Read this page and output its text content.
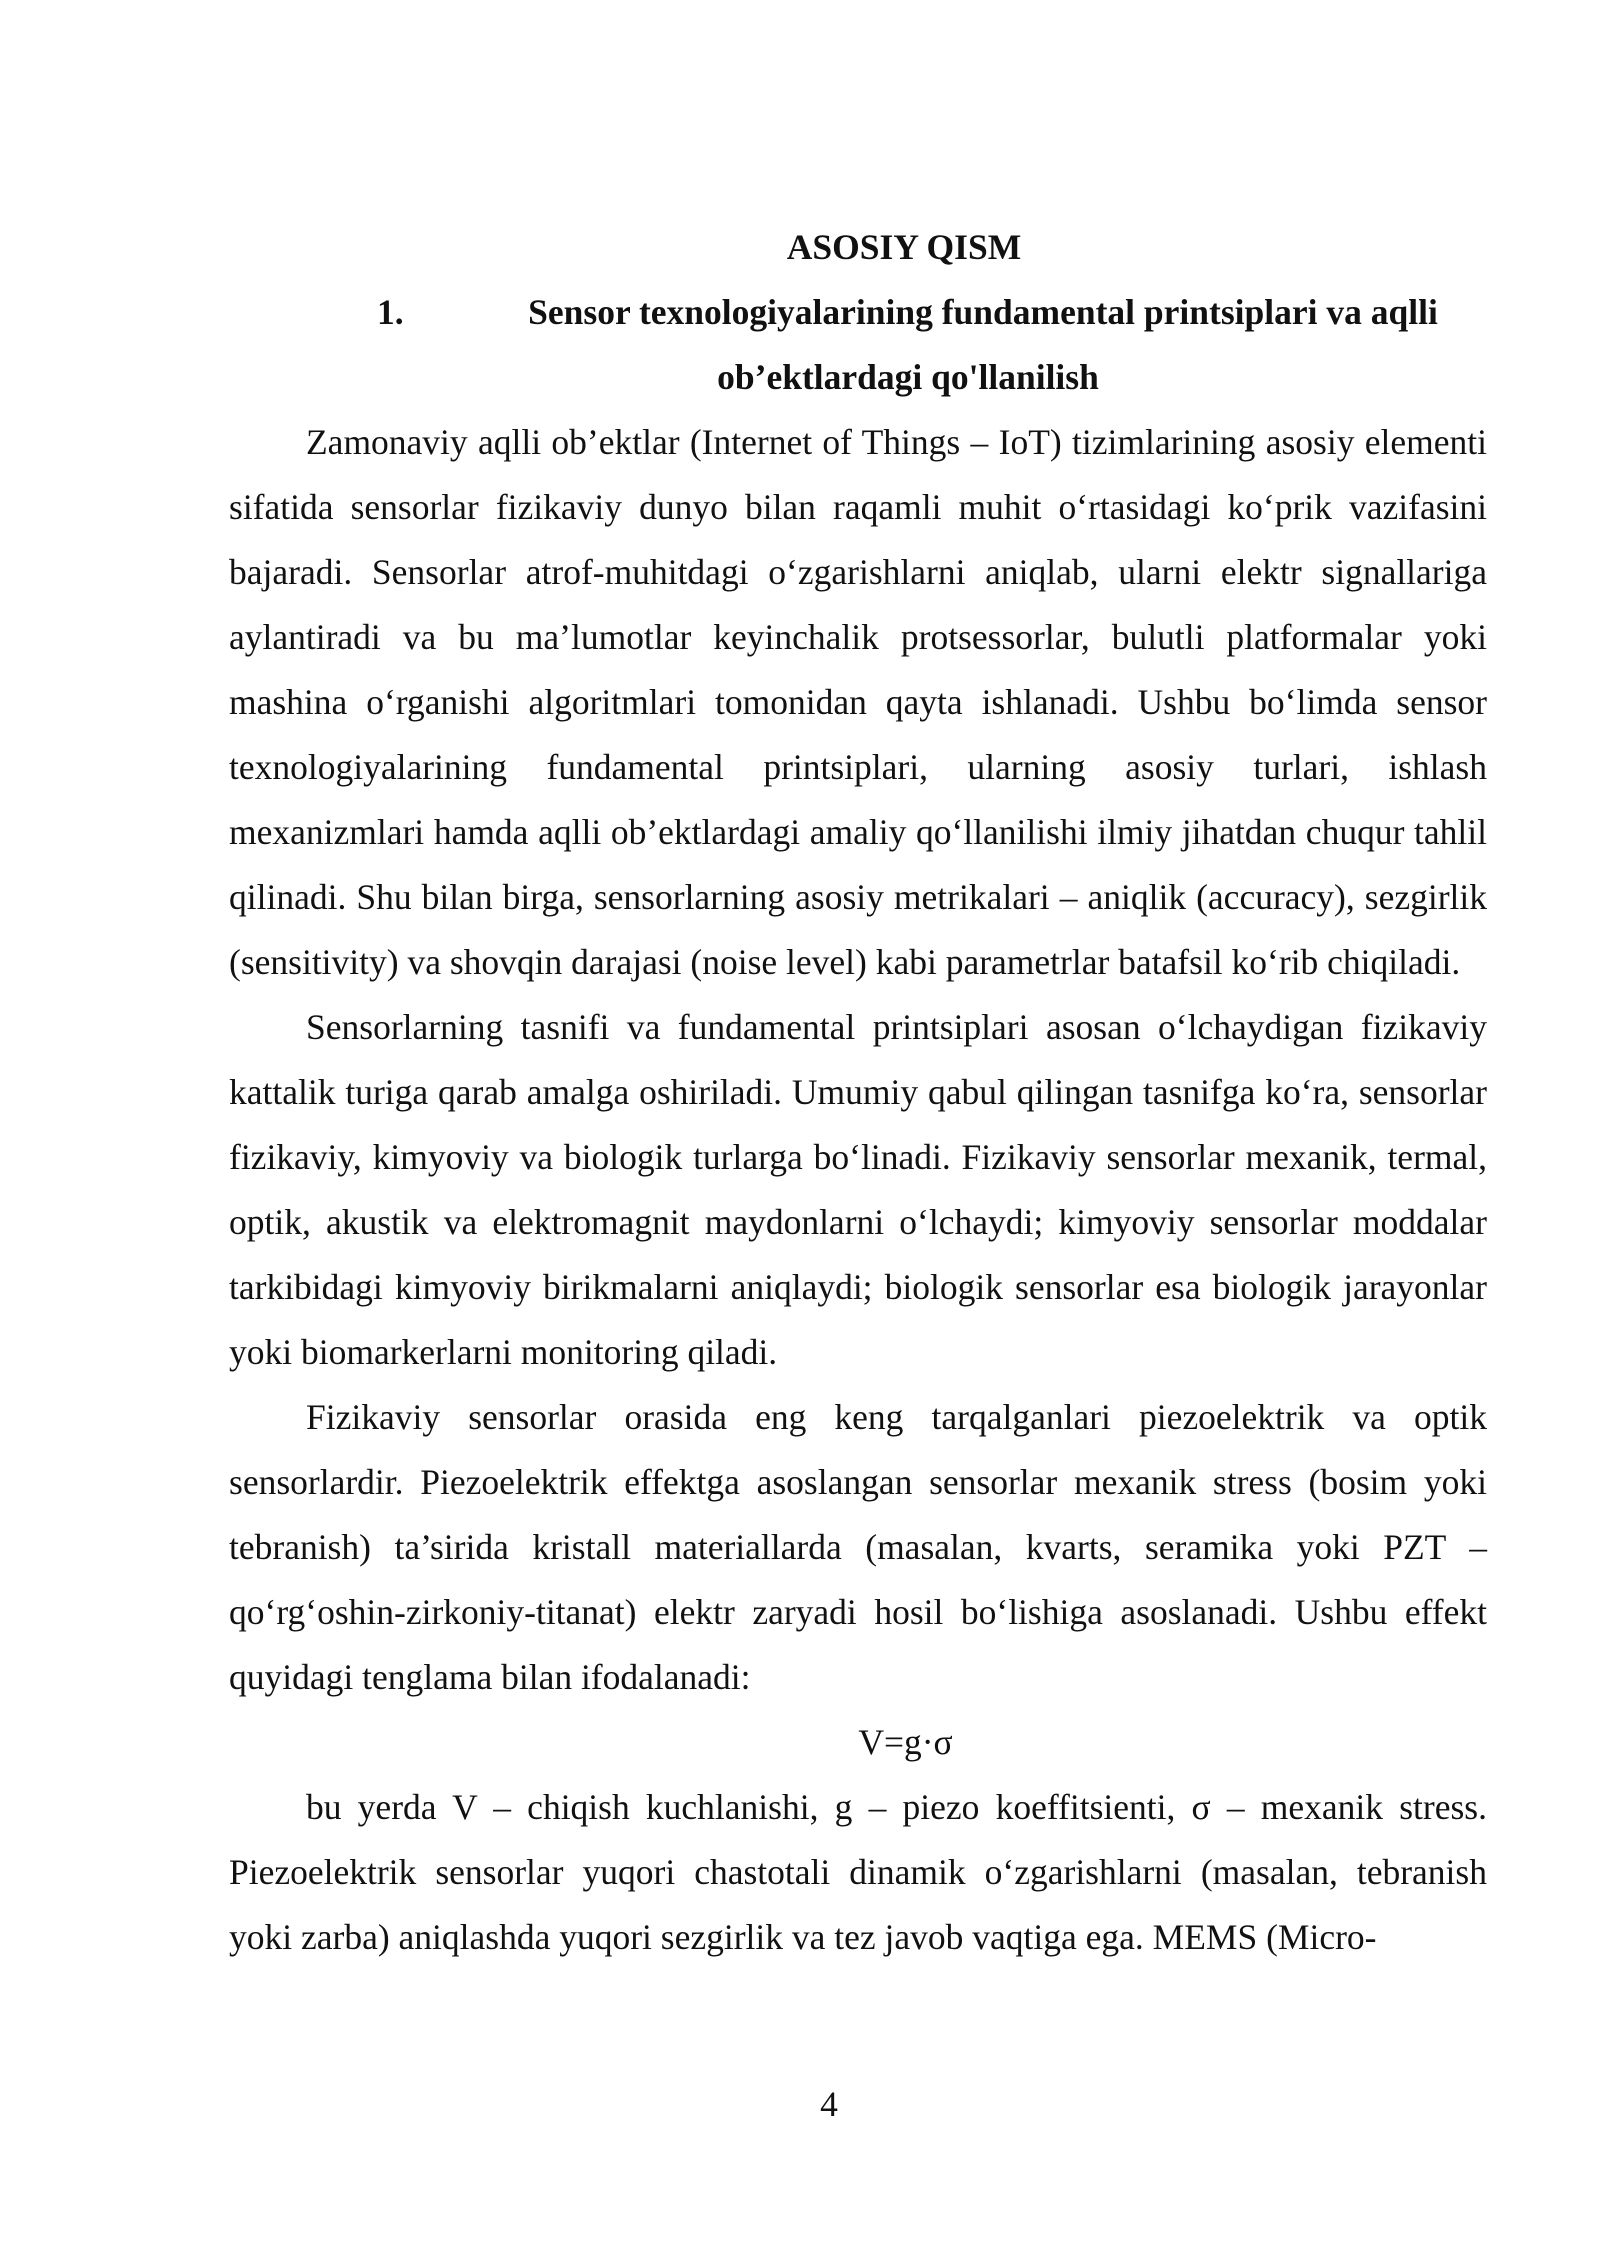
ASOSIY QISM
1.	Sensor texnologiyalarining fundamental printsiplari va aqlli
ob’ektlardagi qo'llanilish

Zamonaviy aqlli ob’ektlar (Internet of Things – IoT) tizimlarining asosiy elementi sifatida sensorlar fizikaviy dunyo bilan raqamli muhit oʻrtasidagi koʻprik vazifasini bajaradi. Sensorlar atrof-muhitdagi oʻzgarishlarni aniqlab, ularni elektr signallariga aylantiradi va bu ma’lumotlar keyinchalik protsessorlar, bulutli platformalar yoki mashina oʻrganishi algoritmlari tomonidan qayta ishlanadi. Ushbu boʻlimda sensor texnologiyalarining fundamental printsiplari, ularning asosiy turlari, ishlash mexanizmlari hamda aqlli ob’ektlardagi amaliy qoʻllanilishi ilmiy jihatdan chuqur tahlil qilinadi. Shu bilan birga, sensorlarning asosiy metrikalari – aniqlik (accuracy), sezgirlik (sensitivity) va shovqin darajasi (noise level) kabi parametrlar batafsil koʻrib chiqiladi.

Sensorlarning tasnifi va fundamental printsiplari asosan oʻlchaydigan fizikaviy kattalik turiga qarab amalga oshiriladi. Umumiy qabul qilingan tasnifga koʻra, sensorlar fizikaviy, kimyoviy va biologik turlarga boʻlinadi. Fizikaviy sensorlar mexanik, termal, optik, akustik va elektromagnit maydonlarni oʻlchaydi; kimyoviy sensorlar moddalar tarkibidagi kimyoviy birikmalarni aniqlaydi; biologik sensorlar esa biologik jarayonlar yoki biomarkerlarni monitoring qiladi.

Fizikaviy sensorlar orasida eng keng tarqalganlari piezoelektrik va optik sensorlardir. Piezoelektrik effektga asoslangan sensorlar mexanik stress (bosim yoki tebranish) ta’sirida kristall materiallarda (masalan, kvarts, seramika yoki PZT – qoʻrgʻoshin-zirkoniy-titanat) elektr zaryadi hosil boʻlishiga asoslanadi. Ushbu effekt quyidagi tenglama bilan ifodalanadi:

V=g·σ

bu yerda V – chiqish kuchlanishi, g – piezo koeffitsienti, σ – mexanik stress. Piezoelektrik sensorlar yuqori chastotali dinamik oʻzgarishlarni (masalan, tebranish yoki zarba) aniqlashda yuqori sezgirlik va tez javob vaqtiga ega. MEMS (Micro-

4
